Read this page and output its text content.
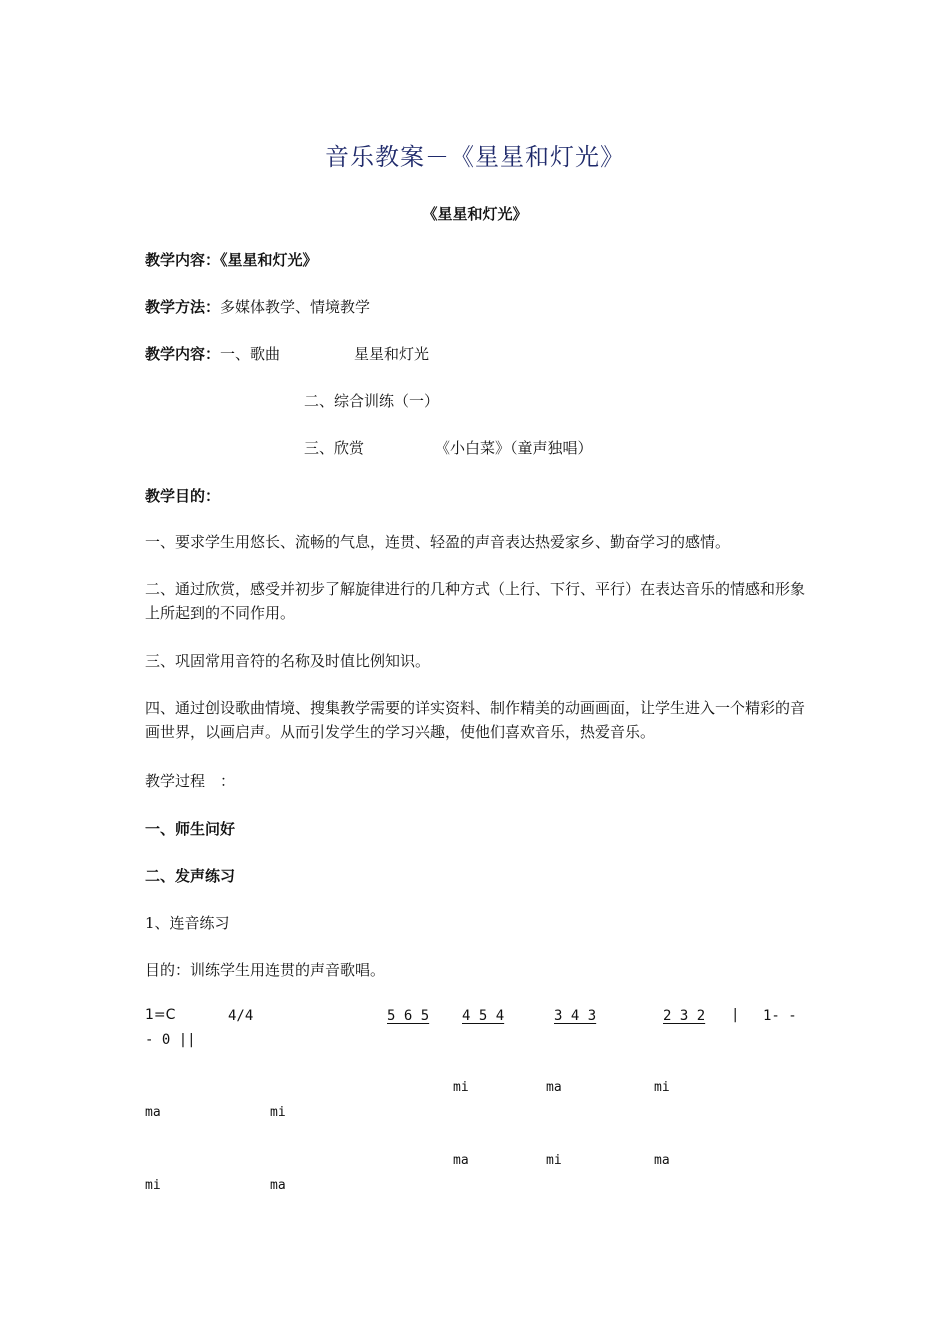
音乐教案－《星星和灯光》
《星星和灯光》
教学内容：《星星和灯光》
教学方法：多媒体教学、情境教学
教学内容：一、歌曲	星星和灯光
二、综合训练（一）
三、欣赏	《小白菜》（童声独唱）
教学目的：
一、要求学生用悠长、流畅的气息，连贯、轻盈的声音表达热爱家乡、勤奋学习的感情。
二、通过欣赏，感受并初步了解旋律进行的几种方式（上行、下行、平行）在表达音乐的情感和形象上所起到的不同作用。
三、巩固常用音符的名称及时值比例知识。
四、通过创设歌曲情境、搜集教学需要的详实资料、制作精美的动画画面，让学生进入一个精彩的音画世界，以画启声。从而引发学生的学习兴趣，使他们喜欢音乐，热爱音乐。
教学过程　：
一、师生问好
二、发声练习
1、连音练习
目的：训练学生用连贯的声音歌唱。
1=C	4/4	5 6 5 4 5 4	3 4 3	2 3 2 | 1- -
- 0 ||
mi	ma	mi
ma	mi
ma	mi	ma
mi	ma
